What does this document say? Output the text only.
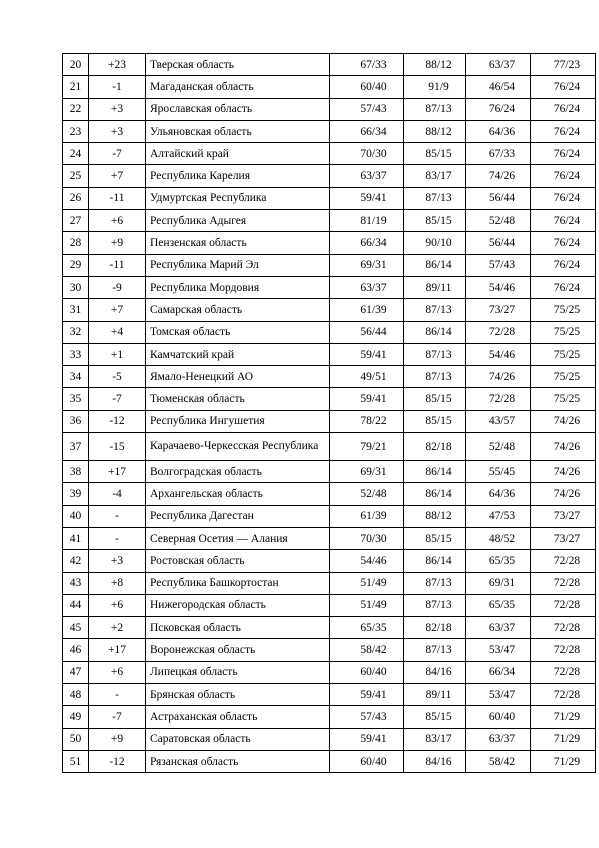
20	+23	Тверская область	67/33	88/12	63/37	77/23
21	-1	Магаданская область	60/40	91/9	46/54	76/24
22	+3	Ярославская область	57/43	87/13	76/24	76/24
23	+3	Ульяновская область	66/34	88/12	64/36	76/24
24	-7	Алтайский край	70/30	85/15	67/33	76/24
25	+7	Республика Карелия	63/37	83/17	74/26	76/24
26	-11	Удмуртская Республика	59/41	87/13	56/44	76/24
27	+6	Республика Адыгея	81/19	85/15	52/48	76/24
28	+9	Пензенская область	66/34	90/10	56/44	76/24
29	-11	Республика Марий Эл	69/31	86/14	57/43	76/24
30	-9	Республика Мордовия	63/37	89/11	54/46	76/24
31	+7	Самарская область	61/39	87/13	73/27	75/25
32	+4	Томская область	56/44	86/14	72/28	75/25
33	+1	Камчатский край	59/41	87/13	54/46	75/25
34	-5	Ямало-Ненецкий АО	49/51	87/13	74/26	75/25
35	-7	Тюменская область	59/41	85/15	72/28	75/25
36	-12	Республика Ингушетия	78/22	85/15	43/57	74/26
37	-15	Карачаево-Черкесская Республика	79/21	82/18	52/48	74/26
38	+17	Волгоградская область	69/31	86/14	55/45	74/26
39	-4	Архангельская область	52/48	86/14	64/36	74/26
40	-	Республика Дагестан	61/39	88/12	47/53	73/27
41	-	Северная Осетия — Алания	70/30	85/15	48/52	73/27
42	+3	Ростовская область	54/46	86/14	65/35	72/28
43	+8	Республика Башкортостан	51/49	87/13	69/31	72/28
44	+6	Нижегородская область	51/49	87/13	65/35	72/28
45	+2	Псковская область	65/35	82/18	63/37	72/28
46	+17	Воронежская область	58/42	87/13	53/47	72/28
47	+6	Липецкая область	60/40	84/16	66/34	72/28
48	-	Брянская область	59/41	89/11	53/47	72/28
49	-7	Астраханская область	57/43	85/15	60/40	71/29
50	+9	Саратовская область	59/41	83/17	63/37	71/29
51	-12	Рязанская область	60/40	84/16	58/42	71/29
